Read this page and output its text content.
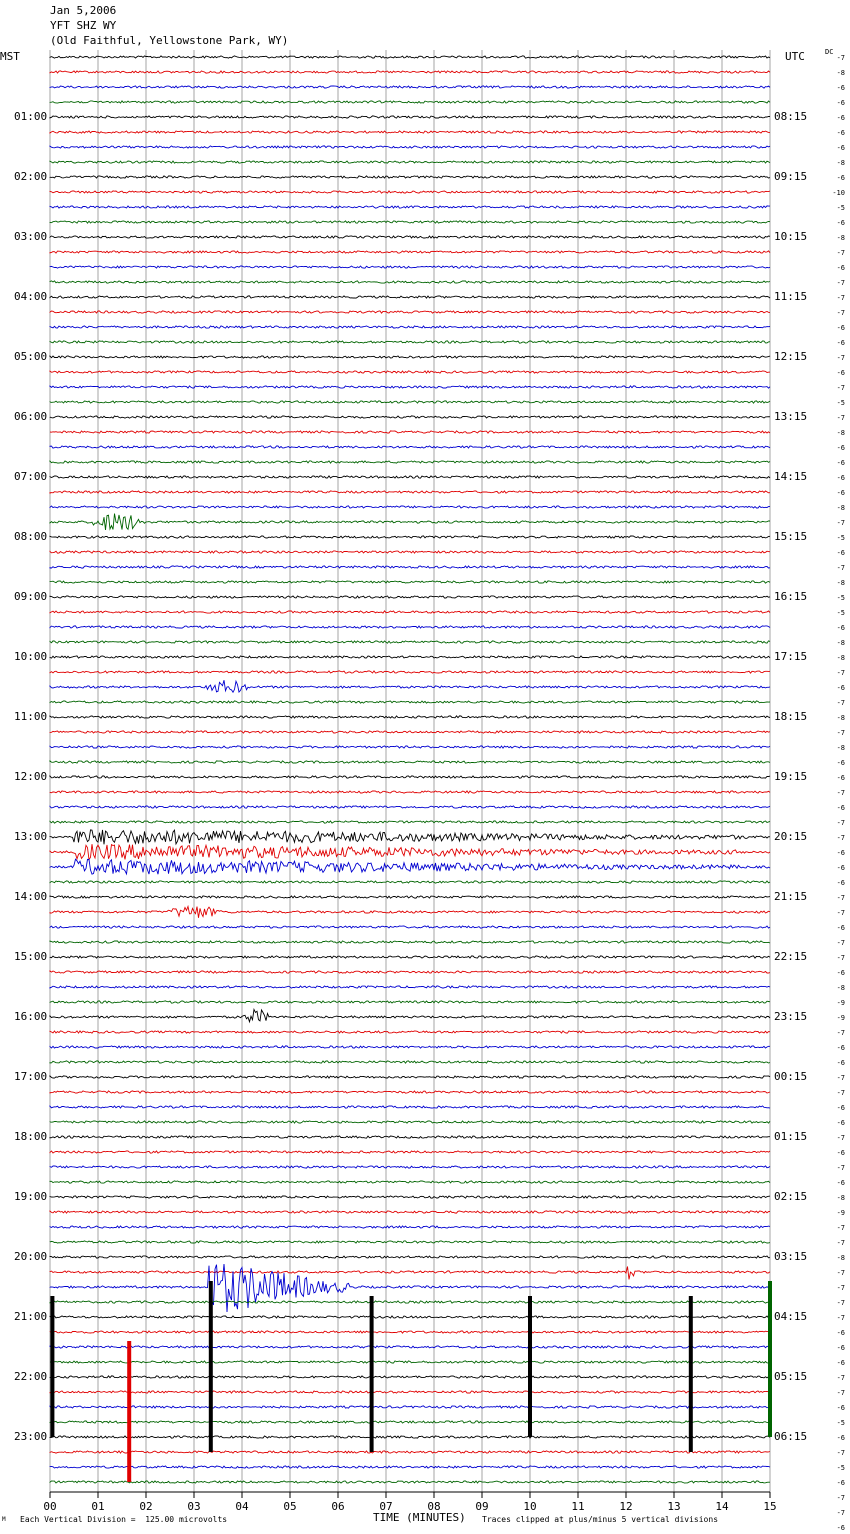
00	01	02	03	04	05	06	07	08	09	10	11	12	13	14	15
-7
-8
-6
-6
-6
-6
-6
-8
-6
-10
-5
-6
-8
-7
-6
-7
-7
-7
-6
-6
-7
-6
-7
-5
-7
-8
-6
-6
-6
-6
-8
-7
-5
-6
-7
-8
-5
-5
-6
-8
-8
-7
-6
-7
-8
-7
-8
-6
-6
-7
-6
-7
-7
-6
-6
-6
-7
-7
-6
-7
-7
-6
-8
-9
-9
-7
-6
-6
-7
-7
-6
-6
-7
-6
-7
-6
-8
-9
-7
-7
-8
-7
-7
-7
-7
-6
-6
-6
-7
-7
-6
-5
-6
-7
-5
-6
-7
-7
-6
Jan 5,2006
YFT SHZ WY
(Old Faithful, Yellowstone Park, WY)
MST	UTC	DC
01:00
02:00
03:00
04:00
05:00
06:00
07:00
08:00
09:00
10:00
11:00
12:00
13:00
14:00
15:00
16:00
17:00
18:00
19:00
20:00
21:00
22:00
23:00
08:15
09:15
10:15
11:15
12:15
13:15
14:15
15:15
16:15
17:15
18:15
19:15
20:15
21:15
22:15
23:15
00:15
01:15
02:15
03:15
04:15
05:15
06:15
M Each Vertical Division =  125.00 microvolts	TIME (MINUTES) Traces clipped at plus/minus 5 vertical divisions
